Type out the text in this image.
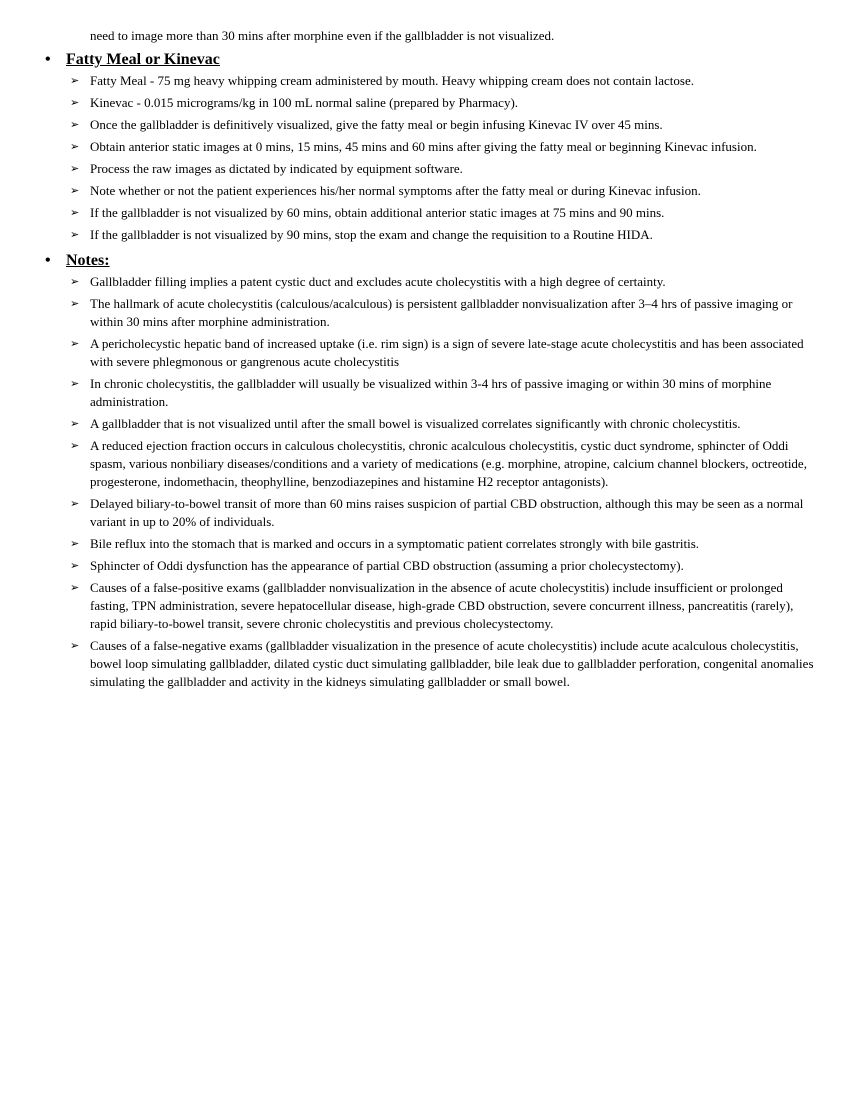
need to image more than 30 mins after morphine even if the gallbladder is not visualized.

• Fatty Meal or Kinevac
➢ Fatty Meal - 75 mg heavy whipping cream administered by mouth. Heavy whipping cream does not contain lactose.
➢ Kinevac - 0.015 micrograms/kg in 100 mL normal saline (prepared by Pharmacy).
➢ Once the gallbladder is definitively visualized, give the fatty meal or begin infusing Kinevac IV over 45 mins.
➢ Obtain anterior static images at 0 mins, 15 mins, 45 mins and 60 mins after giving the fatty meal or beginning Kinevac infusion.
➢ Process the raw images as dictated by indicated by equipment software.
➢ Note whether or not the patient experiences his/her normal symptoms after the fatty meal or during Kinevac infusion.
➢ If the gallbladder is not visualized by 60 mins, obtain additional anterior static images at 75 mins and 90 mins.
➢ If the gallbladder is not visualized by 90 mins, stop the exam and change the requisition to a Routine HIDA.
• Notes:
➢ Gallbladder filling implies a patent cystic duct and excludes acute cholecystitis with a high degree of certainty.
➢ The hallmark of acute cholecystitis (calculous/acalculous) is persistent gallbladder nonvisualization after 3–4 hrs of passive imaging or within 30 mins after morphine administration.
➢ A pericholecystic hepatic band of increased uptake (i.e. rim sign) is a sign of severe late-stage acute cholecystitis and has been associated with severe phlegmonous or gangrenous acute cholecystitis
➢ In chronic cholecystitis, the gallbladder will usually be visualized within 3-4 hrs of passive imaging or within 30 mins of morphine administration.
➢ A gallbladder that is not visualized until after the small bowel is visualized correlates significantly with chronic cholecystitis.
➢ A reduced ejection fraction occurs in calculous cholecystitis, chronic acalculous cholecystitis, cystic duct syndrome, sphincter of Oddi spasm, various nonbiliary diseases/conditions and a variety of medications (e.g. morphine, atropine, calcium channel blockers, octreotide, progesterone, indomethacin, theophylline, benzodiazepines and histamine H2 receptor antagonists).
➢ Delayed biliary-to-bowel transit of more than 60 mins raises suspicion of partial CBD obstruction, although this may be seen as a normal variant in up to 20% of individuals.
➢ Bile reflux into the stomach that is marked and occurs in a symptomatic patient correlates strongly with bile gastritis.
➢ Sphincter of Oddi dysfunction has the appearance of partial CBD obstruction (assuming a prior cholecystectomy).
➢ Causes of a false-positive exams (gallbladder nonvisualization in the absence of acute cholecystitis) include insufficient or prolonged fasting, TPN administration, severe hepatocellular disease, high-grade CBD obstruction, severe concurrent illness, pancreatitis (rarely), rapid biliary-to-bowel transit, severe chronic cholecystitis and previous cholecystectomy.
➢ Causes of a false-negative exams (gallbladder visualization in the presence of acute cholecystitis) include acute acalculous cholecystitis, bowel loop simulating gallbladder, dilated cystic duct simulating gallbladder, bile leak due to gallbladder perforation, congenital anomalies simulating the gallbladder and activity in the kidneys simulating gallbladder or small bowel.
